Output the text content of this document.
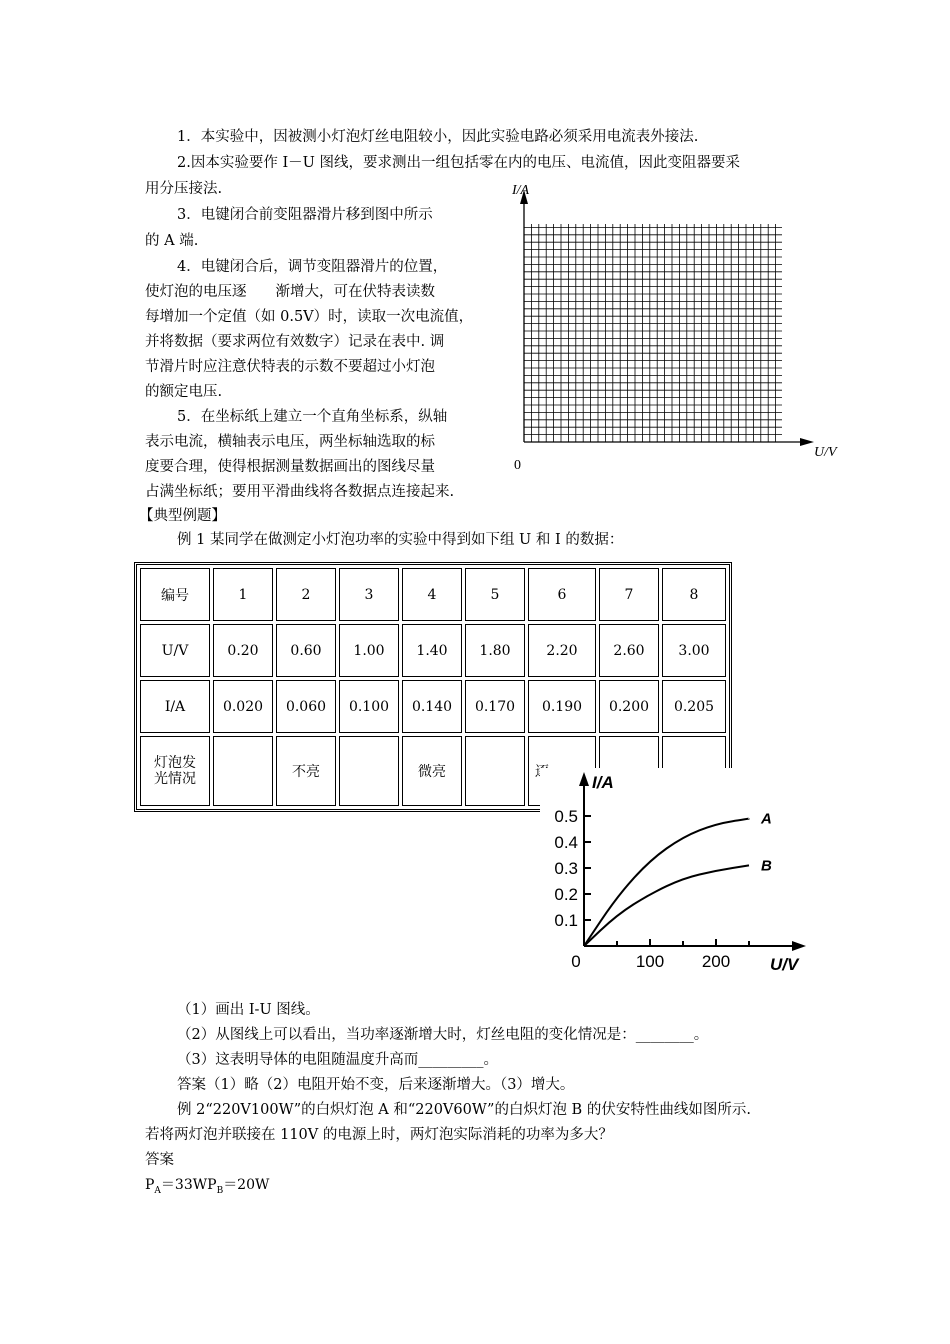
1．本实验中，因被测小灯泡灯丝电阻较小，因此实验电路必须采用电流表外接法.
2.因本实验要作 I－U 图线，要求测出一组包括零在内的电压、电流值，因此变阻器要采
用分压接法.
3．电键闭合前变阻器滑片移到图中所示
的 A 端.
4．电键闭合后，调节变阻器滑片的位置，
使灯泡的电压逐　　渐增大，可在伏特表读数
每增加一个定值（如 0.5V）时，读取一次电流值，
并将数据（要求两位有效数字）记录在表中. 调
节滑片时应注意伏特表的示数不要超过小灯泡
的额定电压.
5．在坐标纸上建立一个直角坐标系，纵轴
表示电流，横轴表示电压，两坐标轴选取的标
度要合理，使得根据测量数据画出的图线尽量
占满坐标纸；要用平滑曲线将各数据点连接起来.
【典型例题】
例 1 某同学在做测定小灯泡功率的实验中得到如下组 U 和 I 的数据：
I/A
U/V
0
编号	1	2	3	4	5	6	7	8
U/V	0.20	0.60	1.00	1.40	1.80	2.20	2.60	3.00
I/A	0.020	0.060	0.100	0.140	0.170	0.190	0.200	0.205

灯泡发光情况		不亮		微亮		逐		
I/A
U/V
0.1
0.2
0.3
0.4
0.5
0	100 200
A
B
（1）画出 I-U 图线。
（2）从图线上可以看出，当功率逐渐增大时，灯丝电阻的变化情况是：________。
（3）这表明导体的电阻随温度升高而_________。
答案（1）略（2）电阻开始不变，后来逐渐增大。（3）增大。
例 2“220V100W”的白炽灯泡 A 和“220V60W”的白炽灯泡 B 的伏安特性曲线如图所示.
若将两灯泡并联接在 110V 的电源上时，两灯泡实际消耗的功率为多大？
答案
$P_A=33WP_B=20W$
